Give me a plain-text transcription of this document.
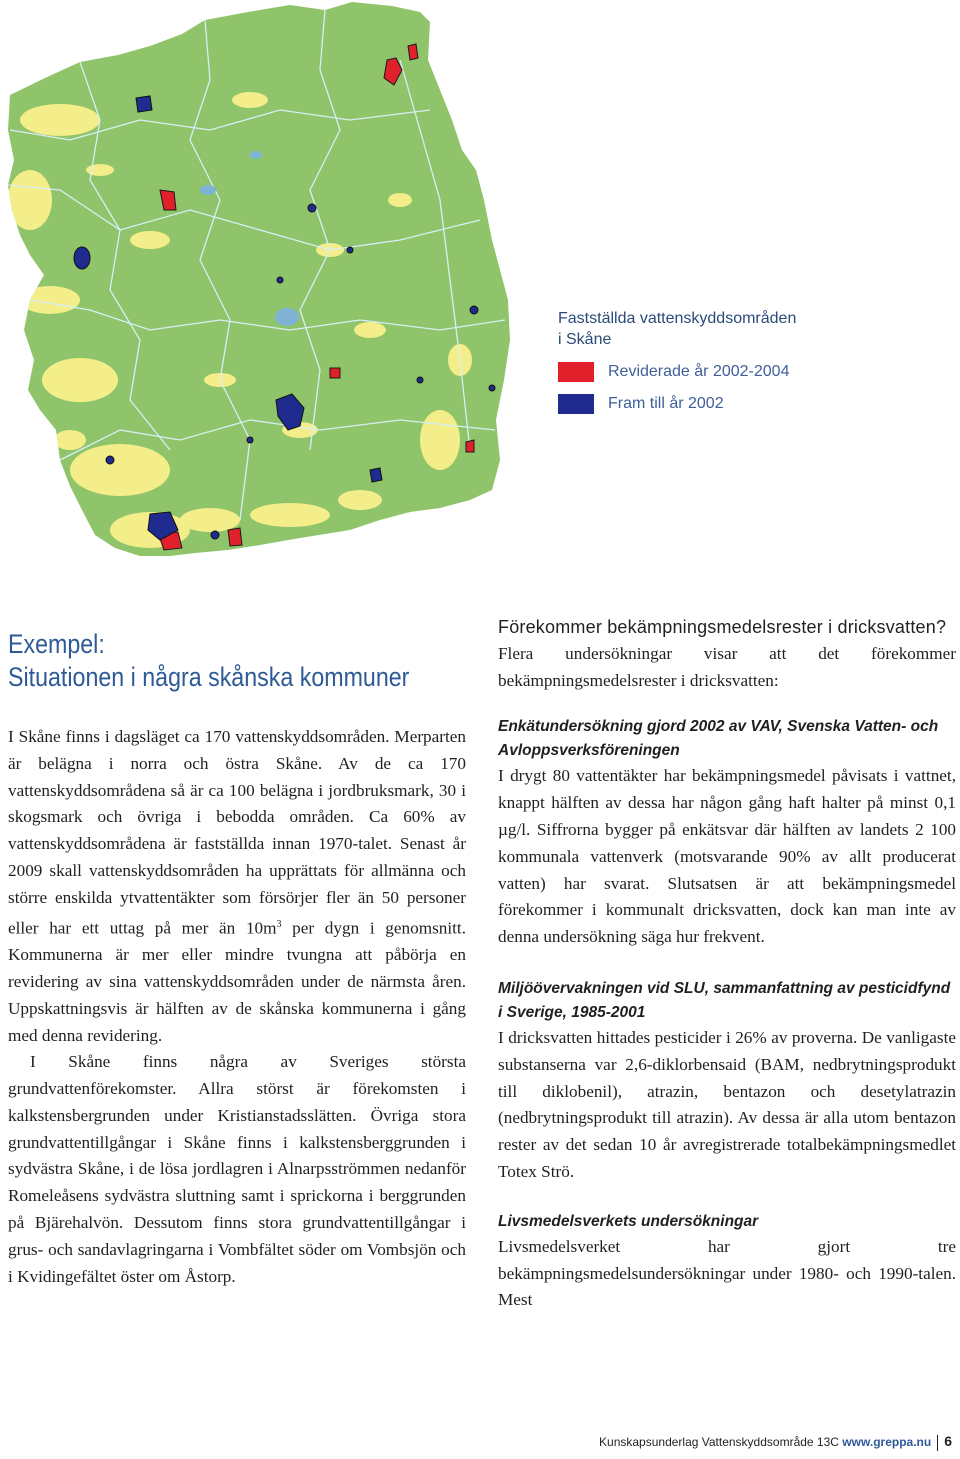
Fastställda vattenskyddsområden
i Skåne
Reviderade år 2002-2004
Fram till år 2002
Exempel:
Situationen i några skånska kommuner

I Skåne finns i dagsläget ca 170 vattenskyddsområden. Merparten är belägna i norra och östra Skåne. Av de ca 170 vattenskyddsområdena så är ca 100 belägna i jordbruksmark, 30 i skogsmark och övriga i bebodda områden. Ca 60% av vattenskyddsområdena är fastställda innan 1970-talet. Senast år 2009 skall vattenskyddsområden ha upprättats för allmänna och större enskilda ytvattentäkter som försörjer fler än 50 personer eller har ett uttag på mer än $10m^3$ per dygn i genomsnitt. Kommunerna är mer eller mindre tvungna att påbörja en revidering av sina vattenskyddsområden under de närmsta åren. Uppskattningsvis är hälften av de skånska kommunerna i gång med denna revidering.

I Skåne finns några av Sveriges största grundvattenförekomster. Allra störst är förekomsten i kalkstensbergrunden under Kristianstadsslätten. Övriga stora grundvattentillgångar i Skåne finns i kalkstensberggrunden i sydvästra Skåne, i de lösa jordlagren i Alnarpsströmmen nedanför Romeleåsens sydvästra sluttning samt i sprickorna i berggrunden på Bjärehalvön. Dessutom finns stora grundvattentillgångar i grus- och sandavlagringarna i Vombfältet söder om Vombsjön och i Kvidingefältet öster om Åstorp.

Förekommer bekämpningsmedelsrester i dricksvatten?

Flera undersökningar visar att det förekommer bekämpningsmedelsrester i dricksvatten:

Enkätundersökning gjord 2002 av VAV, Svenska Vatten- och Avloppsverksföreningen

I drygt 80 vattentäkter har bekämpningsmedel påvisats i vattnet, knappt hälften av dessa har någon gång haft halter på minst 0,1 µg/l. Siffrorna bygger på enkätsvar där hälften av landets 2 100 kommunala vattenverk (motsvarande 90% av allt producerat vatten) har svarat. Slutsatsen är att bekämpningsmedel förekommer i kommunalt dricksvatten, dock kan man inte av denna undersökning säga hur frekvent.

Miljöövervakningen vid SLU, sammanfattning av pesticidfynd i Sverige, 1985-2001

I dricksvatten hittades pesticider i 26% av proverna. De vanligaste substanserna var 2,6-diklorbensaid (BAM, nedbrytningsprodukt till diklobenil), atrazin, bentazon och desetylatrazin (nedbrytningsprodukt till atrazin). Av dessa är alla utom bentazon rester av det sedan 10 år avregistrerade totalbekämpningsmedlet Totex Strö.

Livsmedelsverkets undersökningar

Livsmedelsverket har gjort tre bekämpningsmedelsundersökningar under 1980- och 1990-talen. Mest

Kunskapsunderlag Vattenskyddsområde 13C www.greppa.nu 6
